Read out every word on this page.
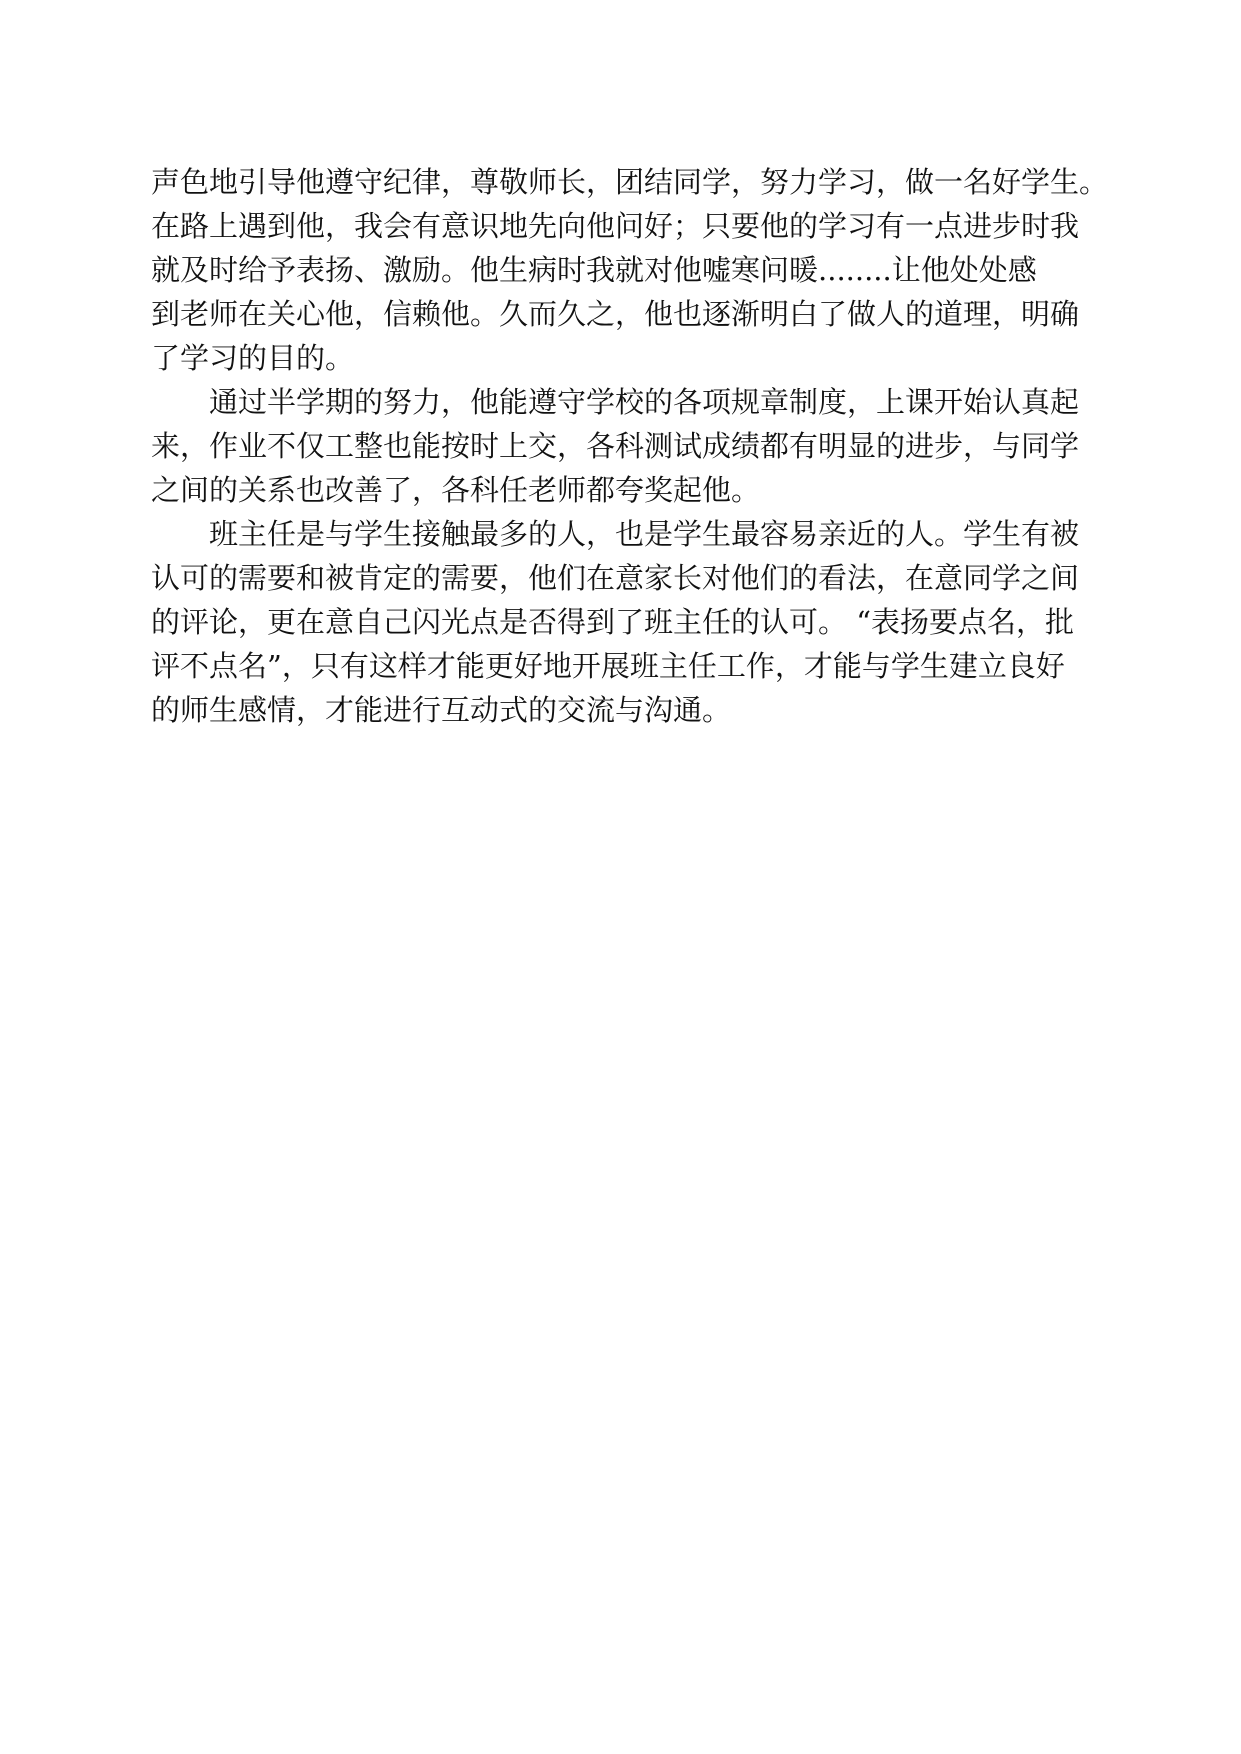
声色地引导他遵守纪律，尊敬师长，团结同学，努力学习，做一名好学生。
在路上遇到他，我会有意识地先向他问好；只要他的学习有一点进步时我
就及时给予表扬、激励。他生病时我就对他嘘寒问暖........让他处处感
到老师在关心他，信赖他。久而久之，他也逐渐明白了做人的道理，明确
了学习的目的。
通过半学期的努力，他能遵守学校的各项规章制度，上课开始认真起
来，作业不仅工整也能按时上交，各科测试成绩都有明显的进步，与同学
之间的关系也改善了，各科任老师都夸奖起他。
班主任是与学生接触最多的人，也是学生最容易亲近的人。学生有被
认可的需要和被肯定的需要，他们在意家长对他们的看法，在意同学之间
的评论，更在意自己闪光点是否得到了班主任的认可。 “表扬要点名，批
评不点名”，只有这样才能更好地开展班主任工作，才能与学生建立良好
的师生感情，才能进行互动式的交流与沟通。
